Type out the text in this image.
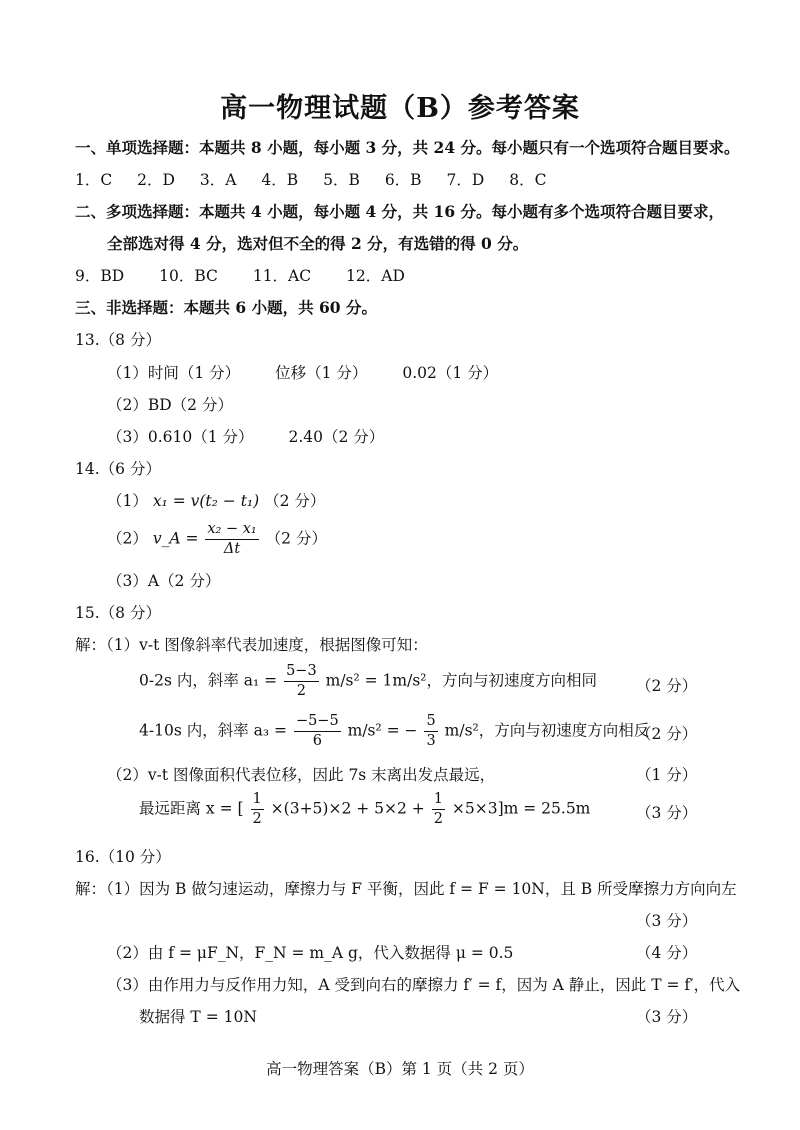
高一物理试题（B）参考答案
一、单项选择题：本题共 8 小题，每小题 3 分，共 24 分。每小题只有一个选项符合题目要求。
1．C 2．D 3．A 4．B 5．B 6．B 7．D 8．C
二、多项选择题：本题共 4 小题，每小题 4 分，共 16 分。每小题有多个选项符合题目要求，
全部选对得 4 分，选对但不全的得 2 分，有选错的得 0 分。
9．BD 10．BC 11．AC 12．AD
三、非选择题：本题共 6 小题，共 60 分。
13.（8 分）
（1）时间（1 分） 位移（1 分） 0.02（1 分）
（2）BD（2 分）
（3）0.610（1 分） 2.40（2 分）
14.（6 分）
（1） x₁ = v(t₂ − t₁) （2 分）
（2） v_A = $\frac{\text{x₂ − x₁}}{\Delta t} (2$ 分）
（3）A（2 分）
15.（8 分）
解：（1）v-t 图像斜率代表加速度，根据图像可知：
0-2s 内，斜率 $a_1 = \frac{5-3}{2} m/s^2 = 1m/s^2$，方向与初速度方向相同	（2 分）
4-10s 内，斜率 $a_3 = \frac{-5-5}{6} m/s^2$ = − $\frac{5}{3} m/s^2$，方向与初速度方向相反
（2 分）
（2）v-t 图像面积代表位移，因此 7s 末离出发点最远，	（1 分）
最远距离 x = [ $\frac{1}{2} \times(3+5)\times 2 + 5\times 2 + \frac{1}{2} \times 5\times 3]m = 25.5m$	（3 分）
16.（10 分）
解：（1）因为 B 做匀速运动，摩擦力与 F 平衡，因此 f = F = 10N，且 B 所受摩擦力方向向左
（3 分）
（2）由 f = μF_N，F_N = m_A g，代入数据得 μ = 0.5	（4 分）
（3）由作用力与反作用力知，A 受到向右的摩擦力 f′ = f，因为 A 静止，因此 T = f′，代入
数据得 T = 10N	（3 分）
高一物理答案（B）第 1 页（共 2 页）
